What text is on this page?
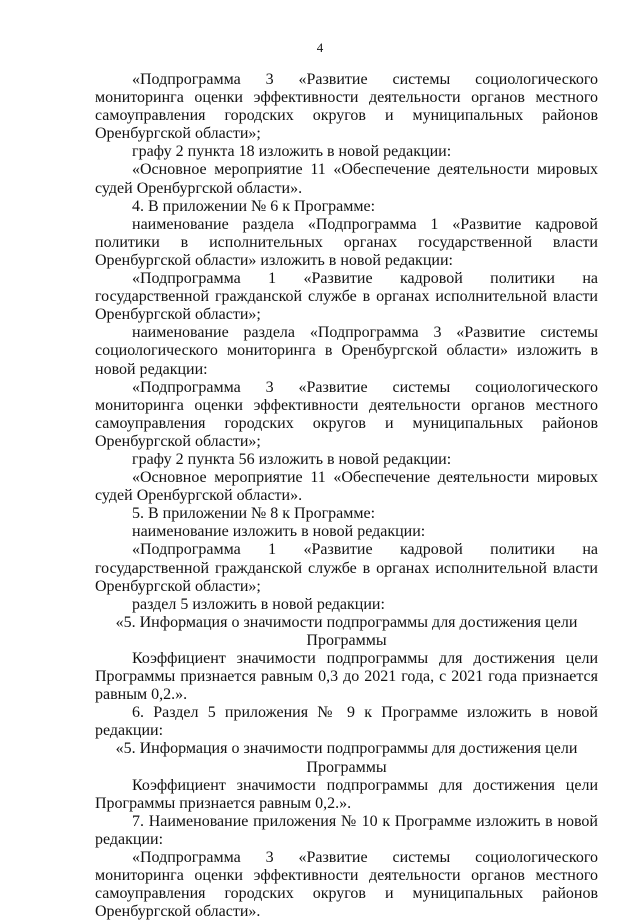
4

«Подпрограмма 3 «Развитие системы социологического мониторинга оценки эффективности деятельности органов местного самоуправления городских округов и муниципальных районов Оренбургской области»;

графу 2 пункта 18 изложить в новой редакции:

«Основное мероприятие 11 «Обеспечение деятельности мировых судей Оренбургской области».

4. В приложении № 6 к Программе:

наименование раздела «Подпрограмма 1 «Развитие кадровой политики в исполнительных органах государственной власти Оренбургской области» изложить в новой редакции:

«Подпрограмма 1 «Развитие кадровой политики на государственной гражданской службе в органах исполнительной власти Оренбургской области»;

наименование раздела «Подпрограмма 3 «Развитие системы социологического мониторинга в Оренбургской области» изложить в новой редакции:

«Подпрограмма 3 «Развитие системы социологического мониторинга оценки эффективности деятельности органов местного самоуправления городских округов и муниципальных районов Оренбургской области»;

графу 2 пункта 56 изложить в новой редакции:

«Основное мероприятие 11 «Обеспечение деятельности мировых судей Оренбургской области».

5. В приложении № 8 к Программе:

наименование изложить в новой редакции:

«Подпрограмма 1 «Развитие кадровой политики на государственной гражданской службе в органах исполнительной власти Оренбургской области»;

раздел 5 изложить в новой редакции:

«5. Информация о значимости подпрограммы для достижения цели Программы

Коэффициент значимости подпрограммы для достижения цели Программы признается равным 0,3 до 2021 года, с 2021 года признается равным 0,2.».

6. Раздел 5 приложения № 9 к Программе изложить в новой редакции:

«5. Информация о значимости подпрограммы для достижения цели Программы

Коэффициент значимости подпрограммы для достижения цели Программы признается равным 0,2.».

7. Наименование приложения № 10 к Программе изложить в новой редакции:

«Подпрограмма 3 «Развитие системы социологического мониторинга оценки эффективности деятельности органов местного самоуправления городских округов и муниципальных районов Оренбургской области».
